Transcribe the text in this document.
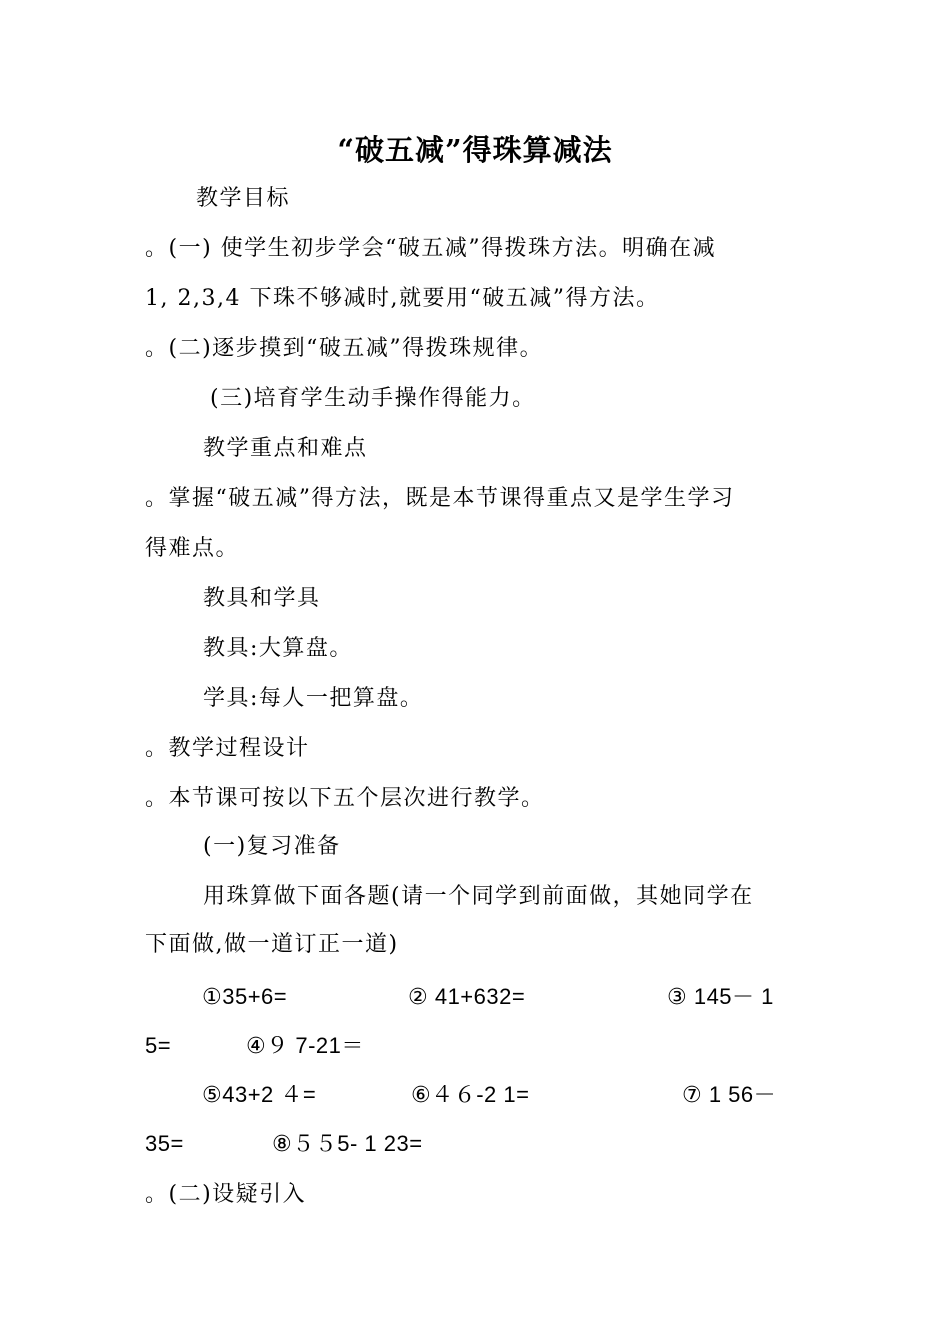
“破五减”得珠算减法
教学目标
。(一) 使学生初步学会“破五减”得拨珠方法。明确在减
1, 2,3,4 下珠不够减时,就要用“破五减”得方法。
。(二)逐步摸到“破五减”得拨珠规律。
(三)培育学生动手操作得能力。
教学重点和难点
。掌握“破五减”得方法，既是本节课得重点又是学生学习
得难点。
教具和学具
教具:大算盘。
学具:每人一把算盘。
。教学过程设计
。本节课可按以下五个层次进行教学。
(一)复习准备
用珠算做下面各题(请一个同学到前面做，其她同学在
下面做,做一道订正一道)
①35+6=	② 41+632=	③ 145－ 1
5=	④９ 7-21＝
⑤43+2 ４=	⑥４６-2 1=	⑦ 1 56－
35=	⑧５５5- 1 23=
。(二)设疑引入
